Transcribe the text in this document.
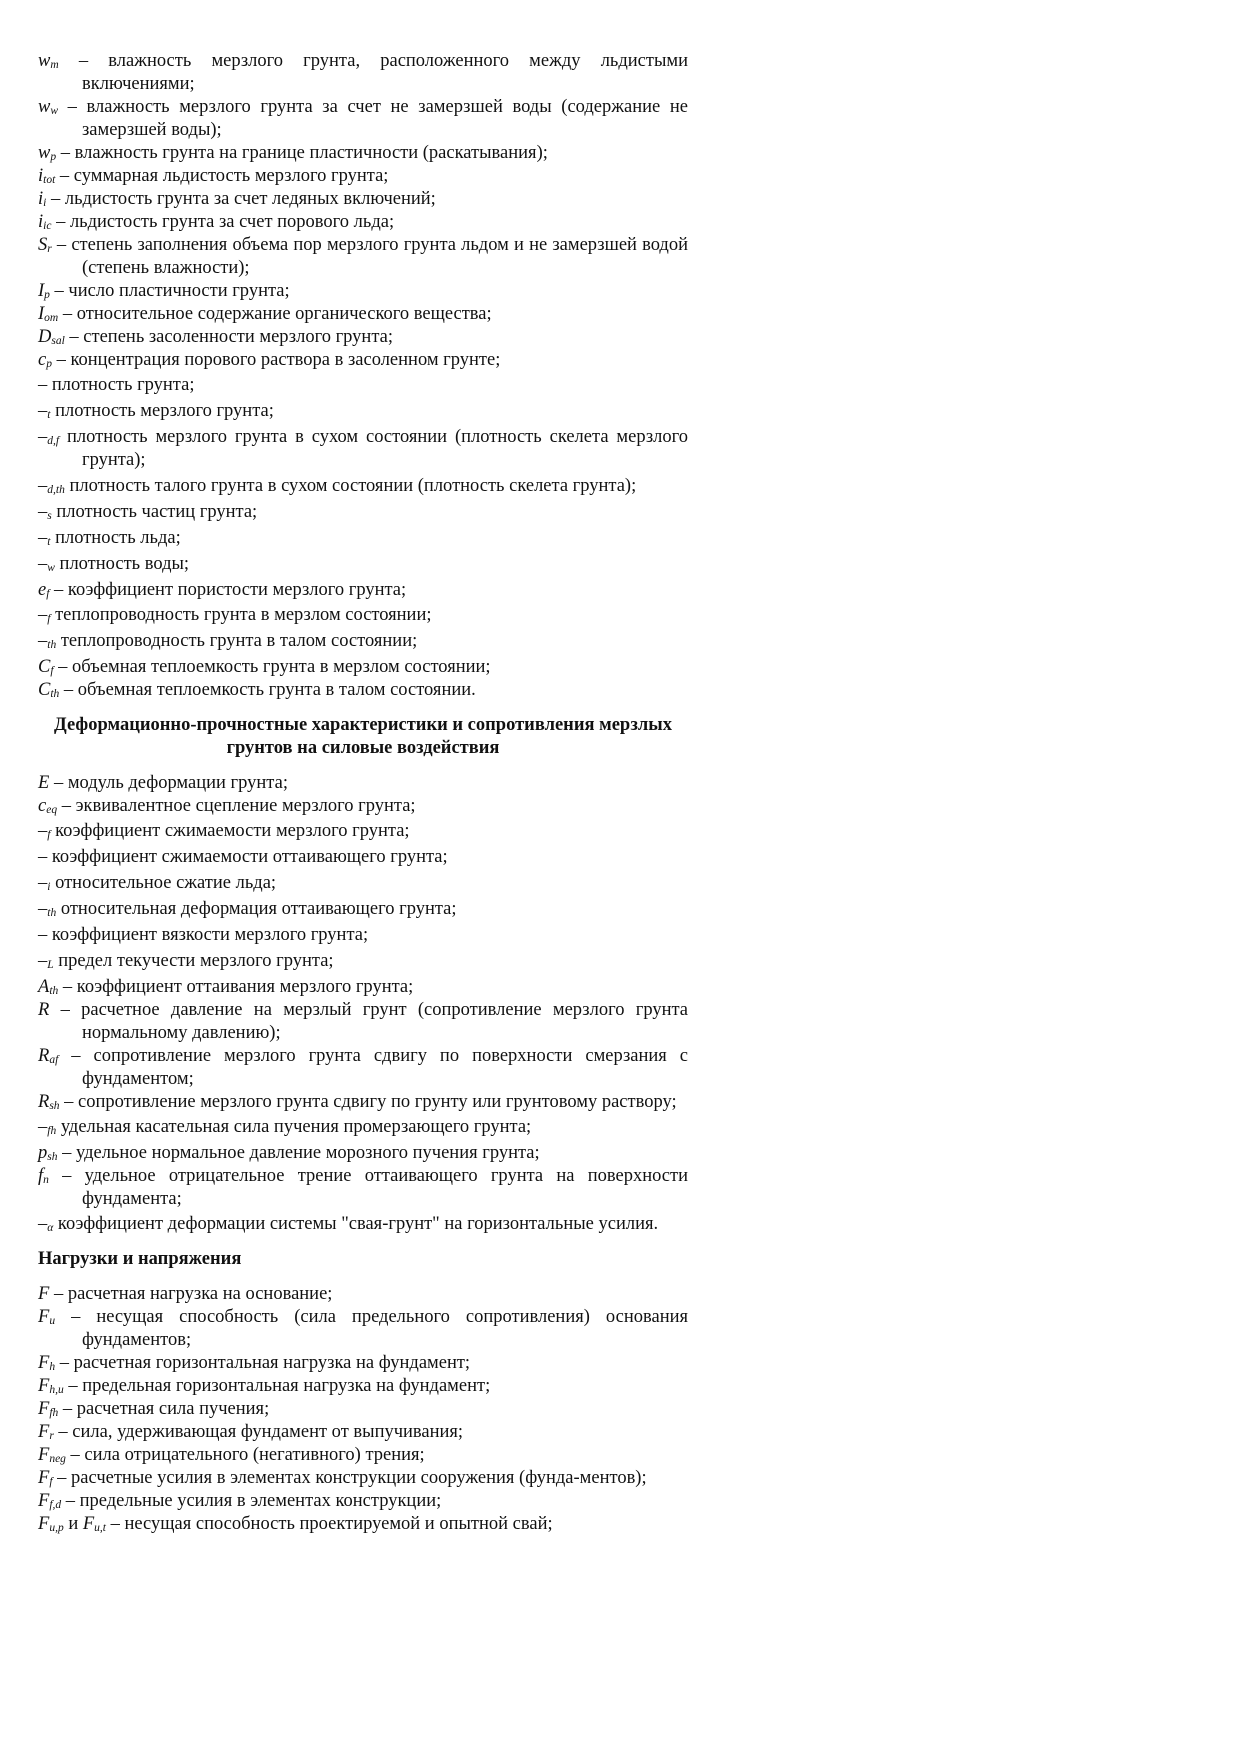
wm – влажность мерзлого грунта, расположенного между льдистыми включениями;

ww – влажность мерзлого грунта за счет не замерзшей воды (содержание не замерзшей воды);

wp – влажность грунта на границе пластичности (раскатывания);

itot – суммарная льдистость мерзлого грунта;

ii – льдистость грунта за счет ледяных включений;

iic – льдистость грунта за счет порового льда;

Sr – степень заполнения объема пор мерзлого грунта льдом и не замерзшей водой (степень влажности);

Ip – число пластичности грунта;

Iom – относительное содержание органического вещества;

Dsal – степень засоленности мерзлого грунта;

cp – концентрация порового раствора в засоленном грунте;

– плотность грунта;

–t плотность мерзлого грунта;

–d,f плотность мерзлого грунта в сухом состоянии (плотность скелета мерзлого грунта);

–d,th плотность талого грунта в сухом состоянии (плотность скелета грунта);

–s плотность частиц грунта;

–t плотность льда;

–w плотность воды;

ef – коэффициент пористости мерзлого грунта;

–f теплопроводность грунта в мерзлом состоянии;

–th теплопроводность грунта в талом состоянии;

Cf – объемная теплоемкость грунта в мерзлом состоянии;

Cth – объемная теплоемкость грунта в талом состоянии.

Деформационно-прочностные характеристики и сопротивления мерзлых грунтов на силовые воздействия

E – модуль деформации грунта;

ceq – эквивалентное сцепление мерзлого грунта;

–f коэффициент сжимаемости мерзлого грунта;

– коэффициент сжимаемости оттаивающего грунта;

–i относительное сжатие льда;

–th относительная деформация оттаивающего грунта;

– коэффициент вязкости мерзлого грунта;

–L предел текучести мерзлого грунта;

Ath – коэффициент оттаивания мерзлого грунта;

R – расчетное давление на мерзлый грунт (сопротивление мерзлого грунта нормальному давлению);

Raf – сопротивление мерзлого грунта сдвигу по поверхности смерзания с фундаментом;

Rsh – сопротивление мерзлого грунта сдвигу по грунту или грунтовому раствору;

–fh удельная касательная сила пучения промерзающего грунта;

psh – удельное нормальное давление морозного пучения грунта;

fn – удельное отрицательное трение оттаивающего грунта на поверхности фундамента;

–α коэффициент деформации системы "свая-грунт" на горизонтальные усилия.

Нагрузки и напряжения

F – расчетная нагрузка на основание;

Fu – несущая способность (сила предельного сопротивления) основания фундаментов;

Fh – расчетная горизонтальная нагрузка на фундамент;

Fh,u – предельная горизонтальная нагрузка на фундамент;

Ffh – расчетная сила пучения;

Fr – сила, удерживающая фундамент от выпучивания;

Fneg – сила отрицательного (негативного) трения;

Ff – расчетные усилия в элементах конструкции сооружения (фунда-ментов);

Ff,d – предельные усилия в элементах конструкции;

Fu,p и Fu,t – несущая способность проектируемой и опытной свай;
